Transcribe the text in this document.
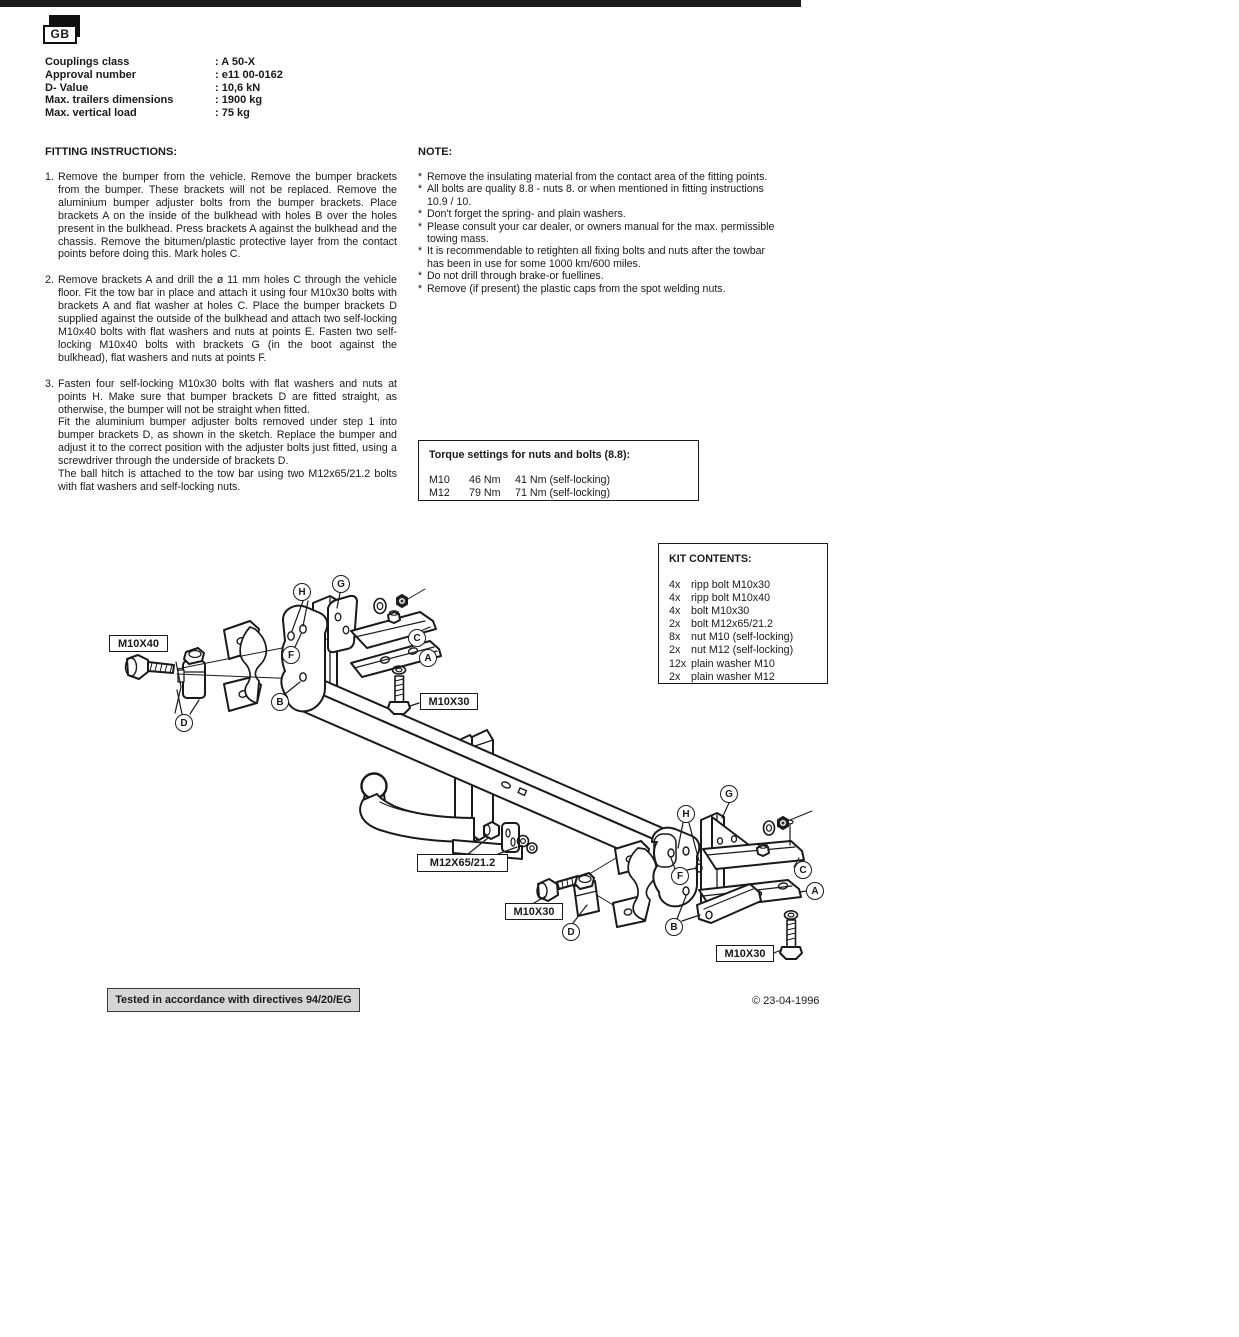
GB
Couplings class	: A 50-X
Approval number	: e11 00-0162
D- Value	: 10,6 kN
Max. trailers dimensions	: 1900 kg
Max. vertical load	: 75 kg
FITTING INSTRUCTIONS:
1. Remove the bumper from the vehicle. Remove the bumper brackets from the bumper. These brackets will not be replaced. Remove the aluminium bumper adjuster bolts from the bumper brackets. Place brackets A on the inside of the bulkhead with holes B over the holes present in the bulkhead. Press brackets A against the bulkhead and the chassis. Remove the bitumen/plastic protective layer from the contact points before doing this. Mark holes C.

2. Remove brackets A and drill the ø 11 mm holes C through the vehicle floor. Fit the tow bar in place and attach it using four M10x30 bolts with brackets A and flat washer at holes C. Place the bumper brackets D supplied against the outside of the bulkhead and attach two self-locking M10x40 bolts with flat washers and nuts at points E. Fasten two self-locking M10x40 bolts with brackets G (in the boot against the bulkhead), flat washers and nuts at points F.

3. Fasten four self-locking M10x30 bolts with flat washers and nuts at points H. Make sure that bumper brackets D are fitted straight, as otherwise, the bumper will not be straight when fitted.

Fit the aluminium bumper adjuster bolts removed under step 1 into bumper brackets D, as shown in the sketch. Replace the bumper and adjust it to the correct position with the adjuster bolts just fitted, using a screwdriver through the underside of brackets D.

The ball hitch is attached to the tow bar using two M12x65/21.2 bolts with flat washers and self-locking nuts.

NOTE:
* Remove the insulating material from the contact area of the fitting points.
* All bolts are quality 8.8 - nuts 8. or when mentioned in fitting instructions 10.9 / 10.
* Don't forget the spring- and plain washers.
* Please consult your car dealer, or owners manual for the max. permissible towing mass.
* It is recommendable to retighten all fixing bolts and nuts after the towbar has been in use for some 1000 km/600 miles.
* Do not drill through brake-or fuellines.
* Remove (if present) the plastic caps from the spot welding nuts.
Torque settings for nuts and bolts (8.8):
M10 46 Nm 41 Nm (self-locking)
M12 79 Nm 71 Nm (self-locking)
KIT CONTENTS:
4x ripp bolt M10x30
4x ripp bolt M10x40
4x bolt M10x30
2x bolt M12x65/21.2
8x nut M10 (self-locking)
2x nut M12 (self-locking)
12x plain washer M10
2x plain washer M12
M10X40
M10X30
M12X65/21.2
M10X30
M10X30
H
G
C
A
F
B
D
G
H
F
C
A
B
D
Tested in accordance with directives 94/20/EG	© 23-04-1996
